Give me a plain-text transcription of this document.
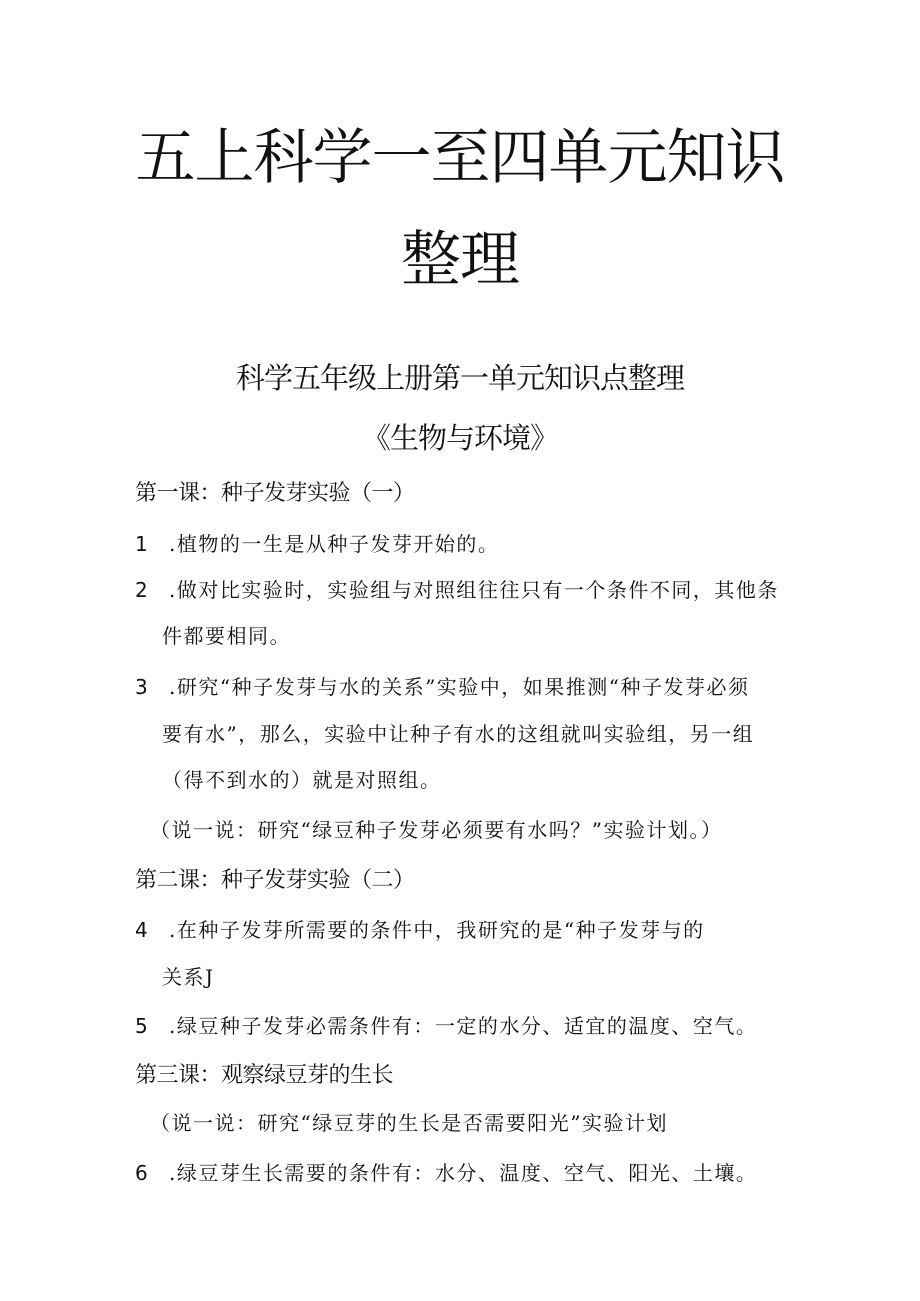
五上科学一至四单元知识
整理
科学五年级上册第一单元知识点整理
《生物与环境》
第一课：种子发芽实验（一）
1 .植物的一生是从种子发芽开始的。
2 .做对比实验时，实验组与对照组往往只有一个条件不同，其他条
件都要相同。
3 .研究“种子发芽与水的关系”实验中，如果推测“种子发芽必须
要有水”，那么，实验中让种子有水的这组就叫实验组，另一组
（得不到水的）就是对照组。
（说一说：研究“绿豆种子发芽必须要有水吗？”实验计划。）
第二课：种子发芽实验（二）
4 .在种子发芽所需要的条件中，我研究的是“种子发芽与的
关系J
5 .绿豆种子发芽必需条件有：一定的水分、适宜的温度、空气。
第三课：观察绿豆芽的生长
（说一说：研究“绿豆芽的生长是否需要阳光”实验计划
6 .绿豆芽生长需要的条件有：水分、温度、空气、阳光、土壤。
